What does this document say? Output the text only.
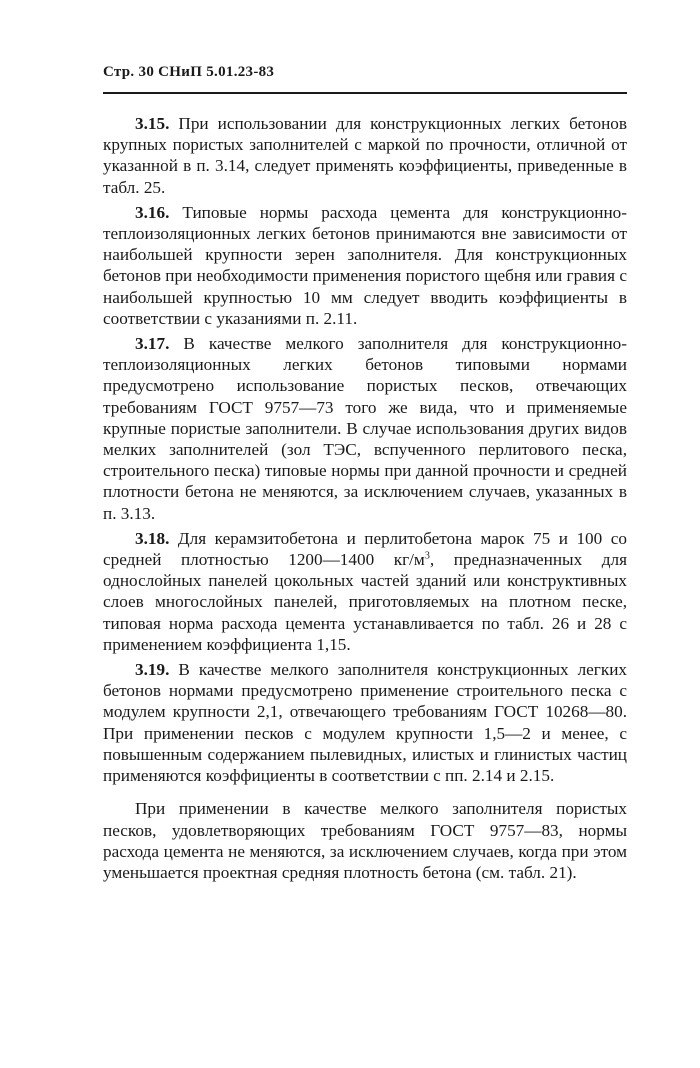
Стр. 30 СНиП 5.01.23-83

3.15. При использовании для конструкционных легких бетонов крупных пористых заполнителей с маркой по прочности, отличной от указанной в п. 3.14, следует применять коэффициенты, приведенные в табл. 25.

3.16. Типовые нормы расхода цемента для конструкционно-теплоизоляционных легких бетонов принимаются вне зависимости от наибольшей крупности зерен заполнителя. Для конструкционных бетонов при необходимости применения пористого щебня или гравия с наибольшей крупностью 10 мм следует вводить коэффициенты в соответствии с указаниями п. 2.11.

3.17. В качестве мелкого заполнителя для конструкционно-теплоизоляционных легких бетонов типовыми нормами предусмотрено использование пористых песков, отвечающих требованиям ГОСТ 9757—73 того же вида, что и применяемые крупные пористые заполнители. В случае использования других видов мелких заполнителей (зол ТЭС, вспученного перлитового песка, строительного песка) типовые нормы при данной прочности и средней плотности бетона не меняются, за исключением случаев, указанных в п. 3.13.

3.18. Для керамзитобетона и перлитобетона марок 75 и 100 со средней плотностью 1200—1400 $кг/м^3$, предназначенных для однослойных панелей цокольных частей зданий или конструктивных слоев многослойных панелей, приготовляемых на плотном песке, типовая норма расхода цемента устанавливается по табл. 26 и 28 с применением коэффициента 1,15.

3.19. В качестве мелкого заполнителя конструкционных легких бетонов нормами предусмотрено применение строительного песка с модулем крупности 2,1, отвечающего требованиям ГОСТ 10268—80. При применении песков с модулем крупности 1,5—2 и менее, с повышенным содержанием пылевидных, илистых и глинистых частиц применяются коэффициенты в соответствии с пп. 2.14 и 2.15.

При применении в качестве мелкого заполнителя пористых песков, удовлетворяющих требованиям ГОСТ 9757—83, нормы расхода цемента не меняются, за исключением случаев, когда при этом уменьшается проектная средняя плотность бетона (см. табл. 21).
